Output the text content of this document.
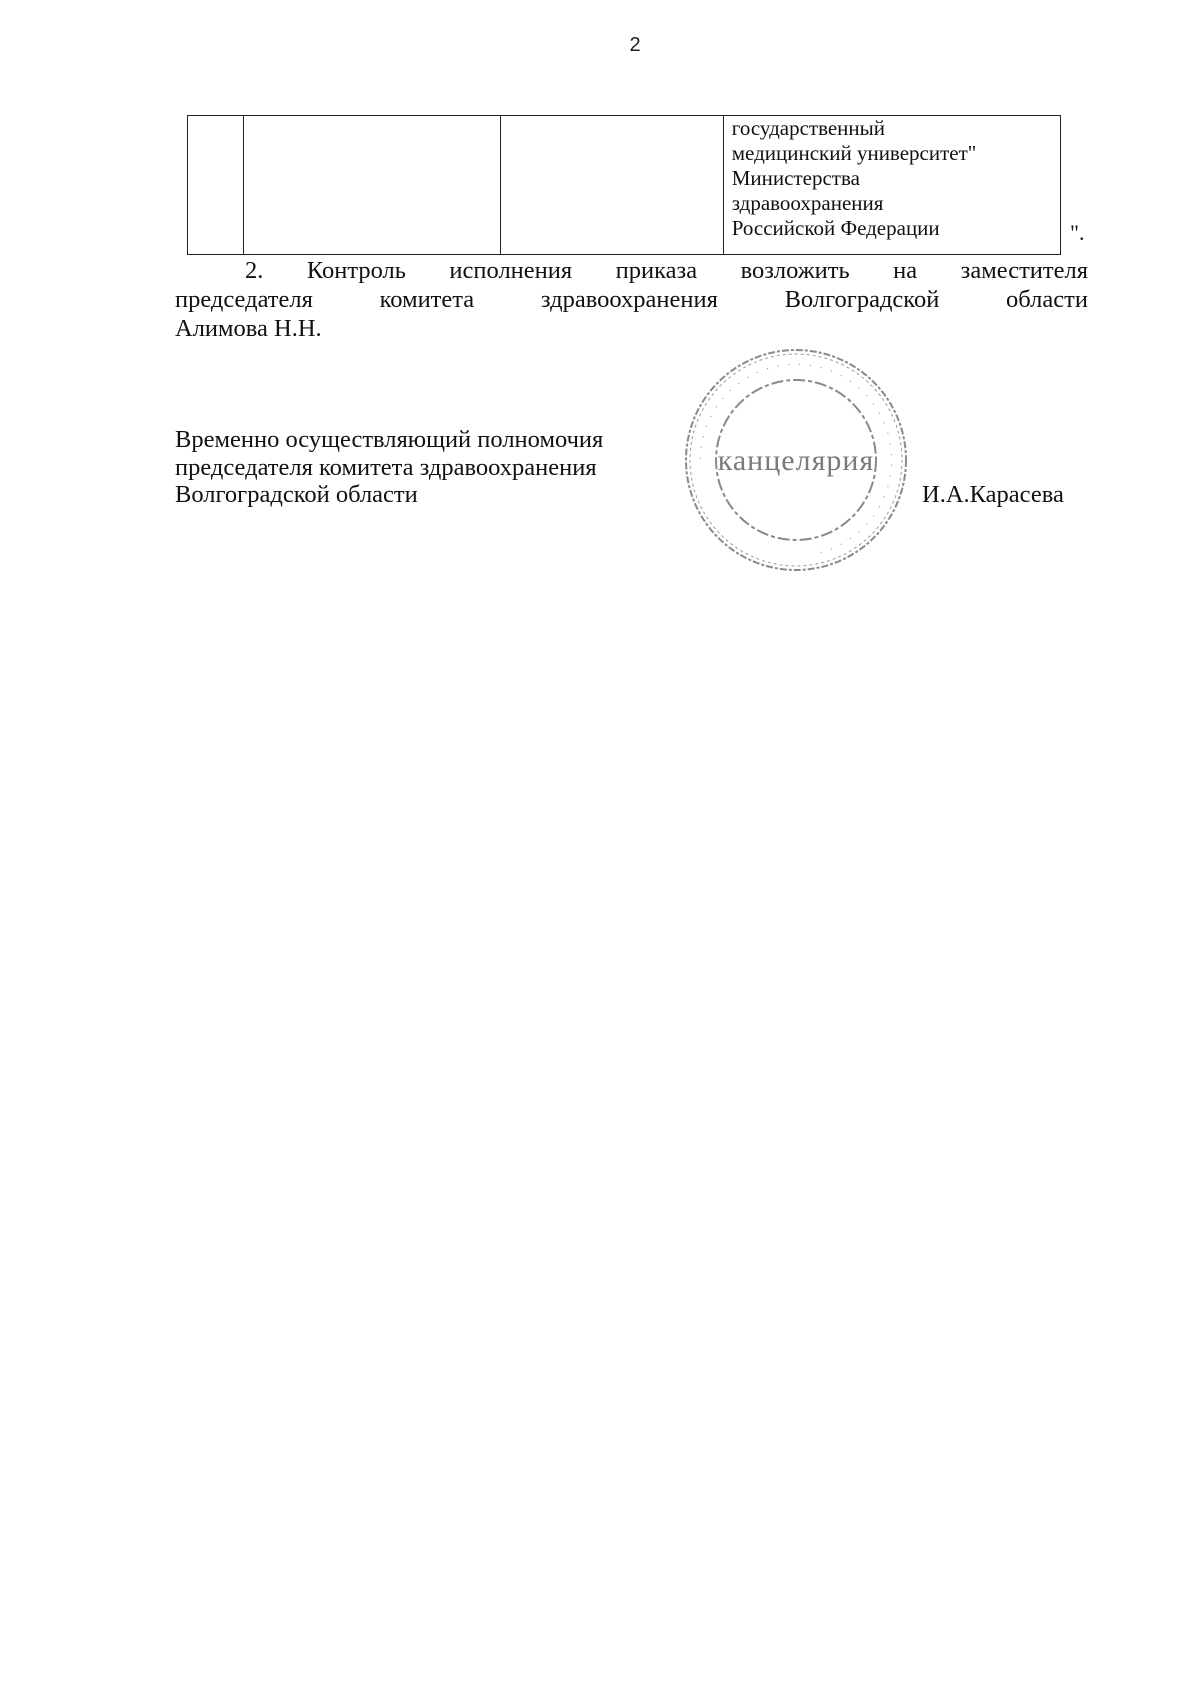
2

государственный
медицинский университет"
Министерства
здравоохранения
Российской Федерации	".
2. Контроль исполнения приказа возложить на заместителя
председателя	комитета	здравоохранения	Волгоградской	области
Алимова Н.Н.
Временно осуществляющий полномочия
председателя комитета здравоохранения
Волгоградской области	И.А.Карасева
· · · · · · · · · · · · · · · · · · · · · · · · · · · · · · · · · · · · · · · ·
канцелярия
